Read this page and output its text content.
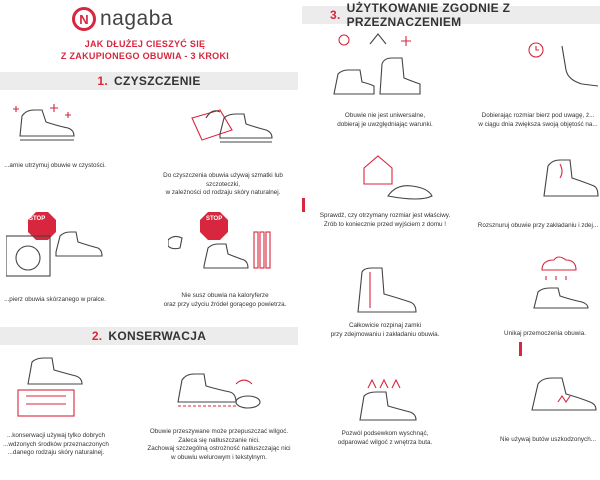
N nagaba
JAK DŁUŻEJ CIESZYĆ SIĘ
Z ZAKUPIONEGO OBUWIA - 3 KROKI
1. CZYSZCZENIE
...arnie utrzymuj obuwie w czystości.
Do czyszczenia obuwia używaj szmatki lub szczoteczki,
w zależności od rodzaju skóry naturalnej.
STOP
...pierz obuwia skórzanego w pralce.
STOP
Nie susz obuwia na kaloryferze
oraz przy użyciu źródeł gorącego powietrza.
2. KONSERWACJA
...konserwacji używaj tylko dobrych
...wdzonych środków przeznaczonych
...danego rodzaju skóry naturalnej.
Obuwie przeszywane może przepuszczać wilgoć.
Zaleca się natłuszczanie nici.
Zachowaj szczególną ostrożność natłuszczając nici
w obuwiu welurowym i tekstylnym.
3. UŻYTKOWANIE ZGODNIE Z PRZEZNACZENIEM
Obuwie nie jest uniwersalne,
dobieraj je uwzględniając warunki.
Dobierając rozmiar bierz pod uwagę, ż...
w ciągu dnia zwiększa swoją objętość na...
Sprawdź, czy otrzymany rozmiar jest właściwy.
Zrób to koniecznie przed wyjściem z domu !	Rozsznuruj obuwie przy zakładaniu i zdej...
Całkowicie rozpinaj zamki
przy zdejmowaniu i zakładaniu obuwia.	Unikaj przemoczenia obuwia.
Pozwól podsewkom wyschnąć,
odparować wilgoć z wnętrza buta.	Nie używaj butów uszkodzonych...
